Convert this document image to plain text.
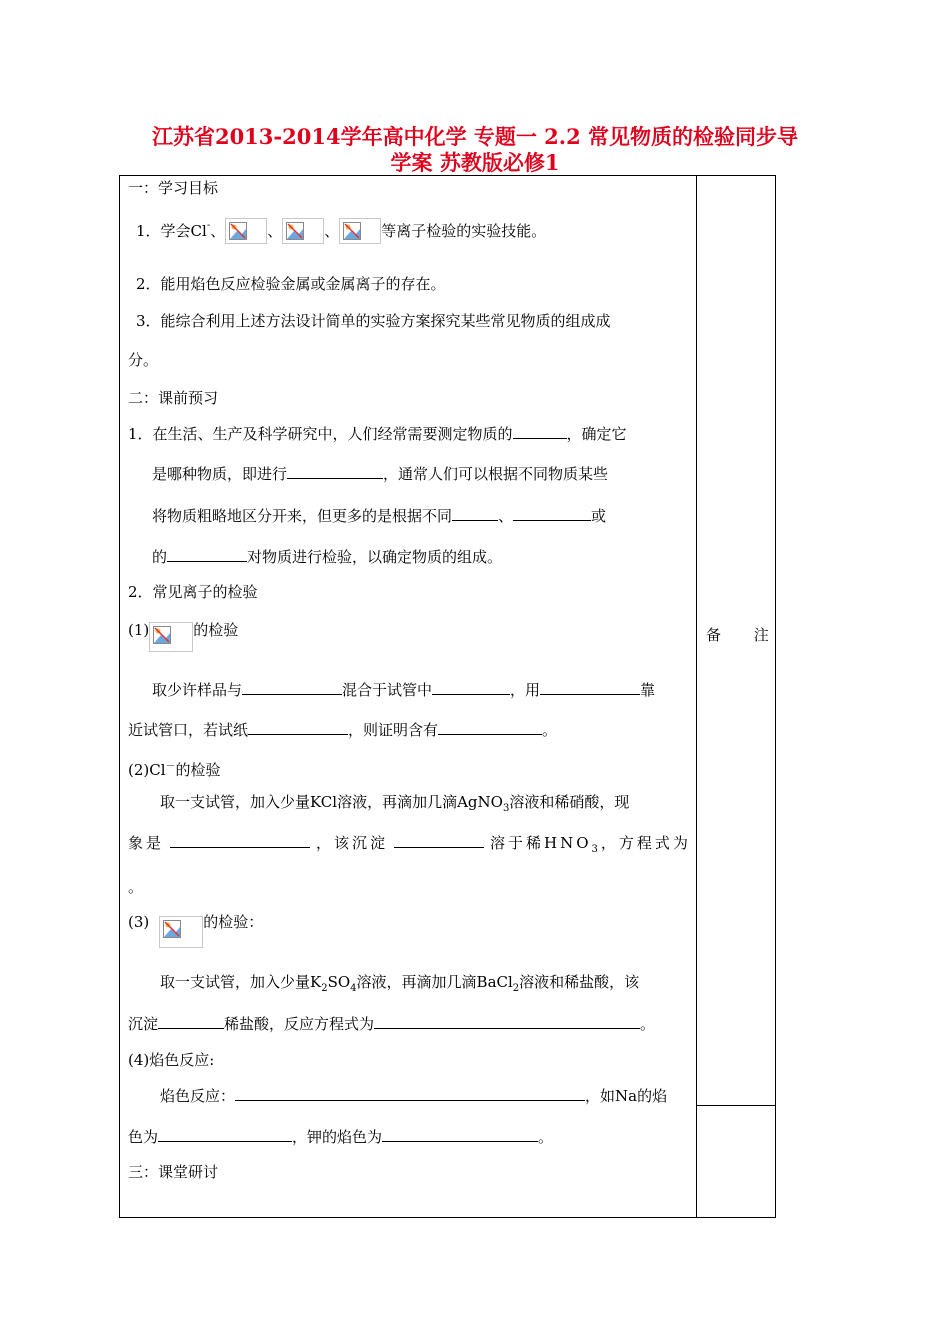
江苏省2013-2014学年高中化学 专题一 2.2 常见物质的检验同步导
学案 苏教版必修1
备 注
一：学习目标
1．学会Cl- 、	、	、	等离子检验的实验技能。
2．能用焰色反应检验金属或金属离子的存在。
3．能综合利用上述方法设计简单的实验方案探究某些常见物质的组成成
分。
二：课前预习
1．在生活、生产及科学研究中，人们经常需要测定物质的	，确定它
是哪种物质，即进行	，通常人们可以根据不同物质某些
将物质粗略地区分开来，但更多的是根据不同	、	或
的	对物质进行检验，以确定物质的组成。
2．常见离子的检验
(1)	的检验
取少许样品与	混合于试管中	，用	靠
近试管口，若试纸	，则证明含有	。
(2)Cl－的检验
取一支试管，加入少量KCl溶液，再滴加几滴AgNO$_3$溶液和稀硝酸，现
象是	，该沉淀	溶于稀$HNO_3$，方程式为
。
(3)	的检验：
取一支试管，加入少量$K_2SO_4$溶液，再滴加几滴BaCl$_2$溶液和稀盐酸，该
沉淀	稀盐酸，反应方程式为	。
(4)焰色反应:
焰色反应：	，如Na的焰
色为	，钾的焰色为	。
三：课堂研讨
